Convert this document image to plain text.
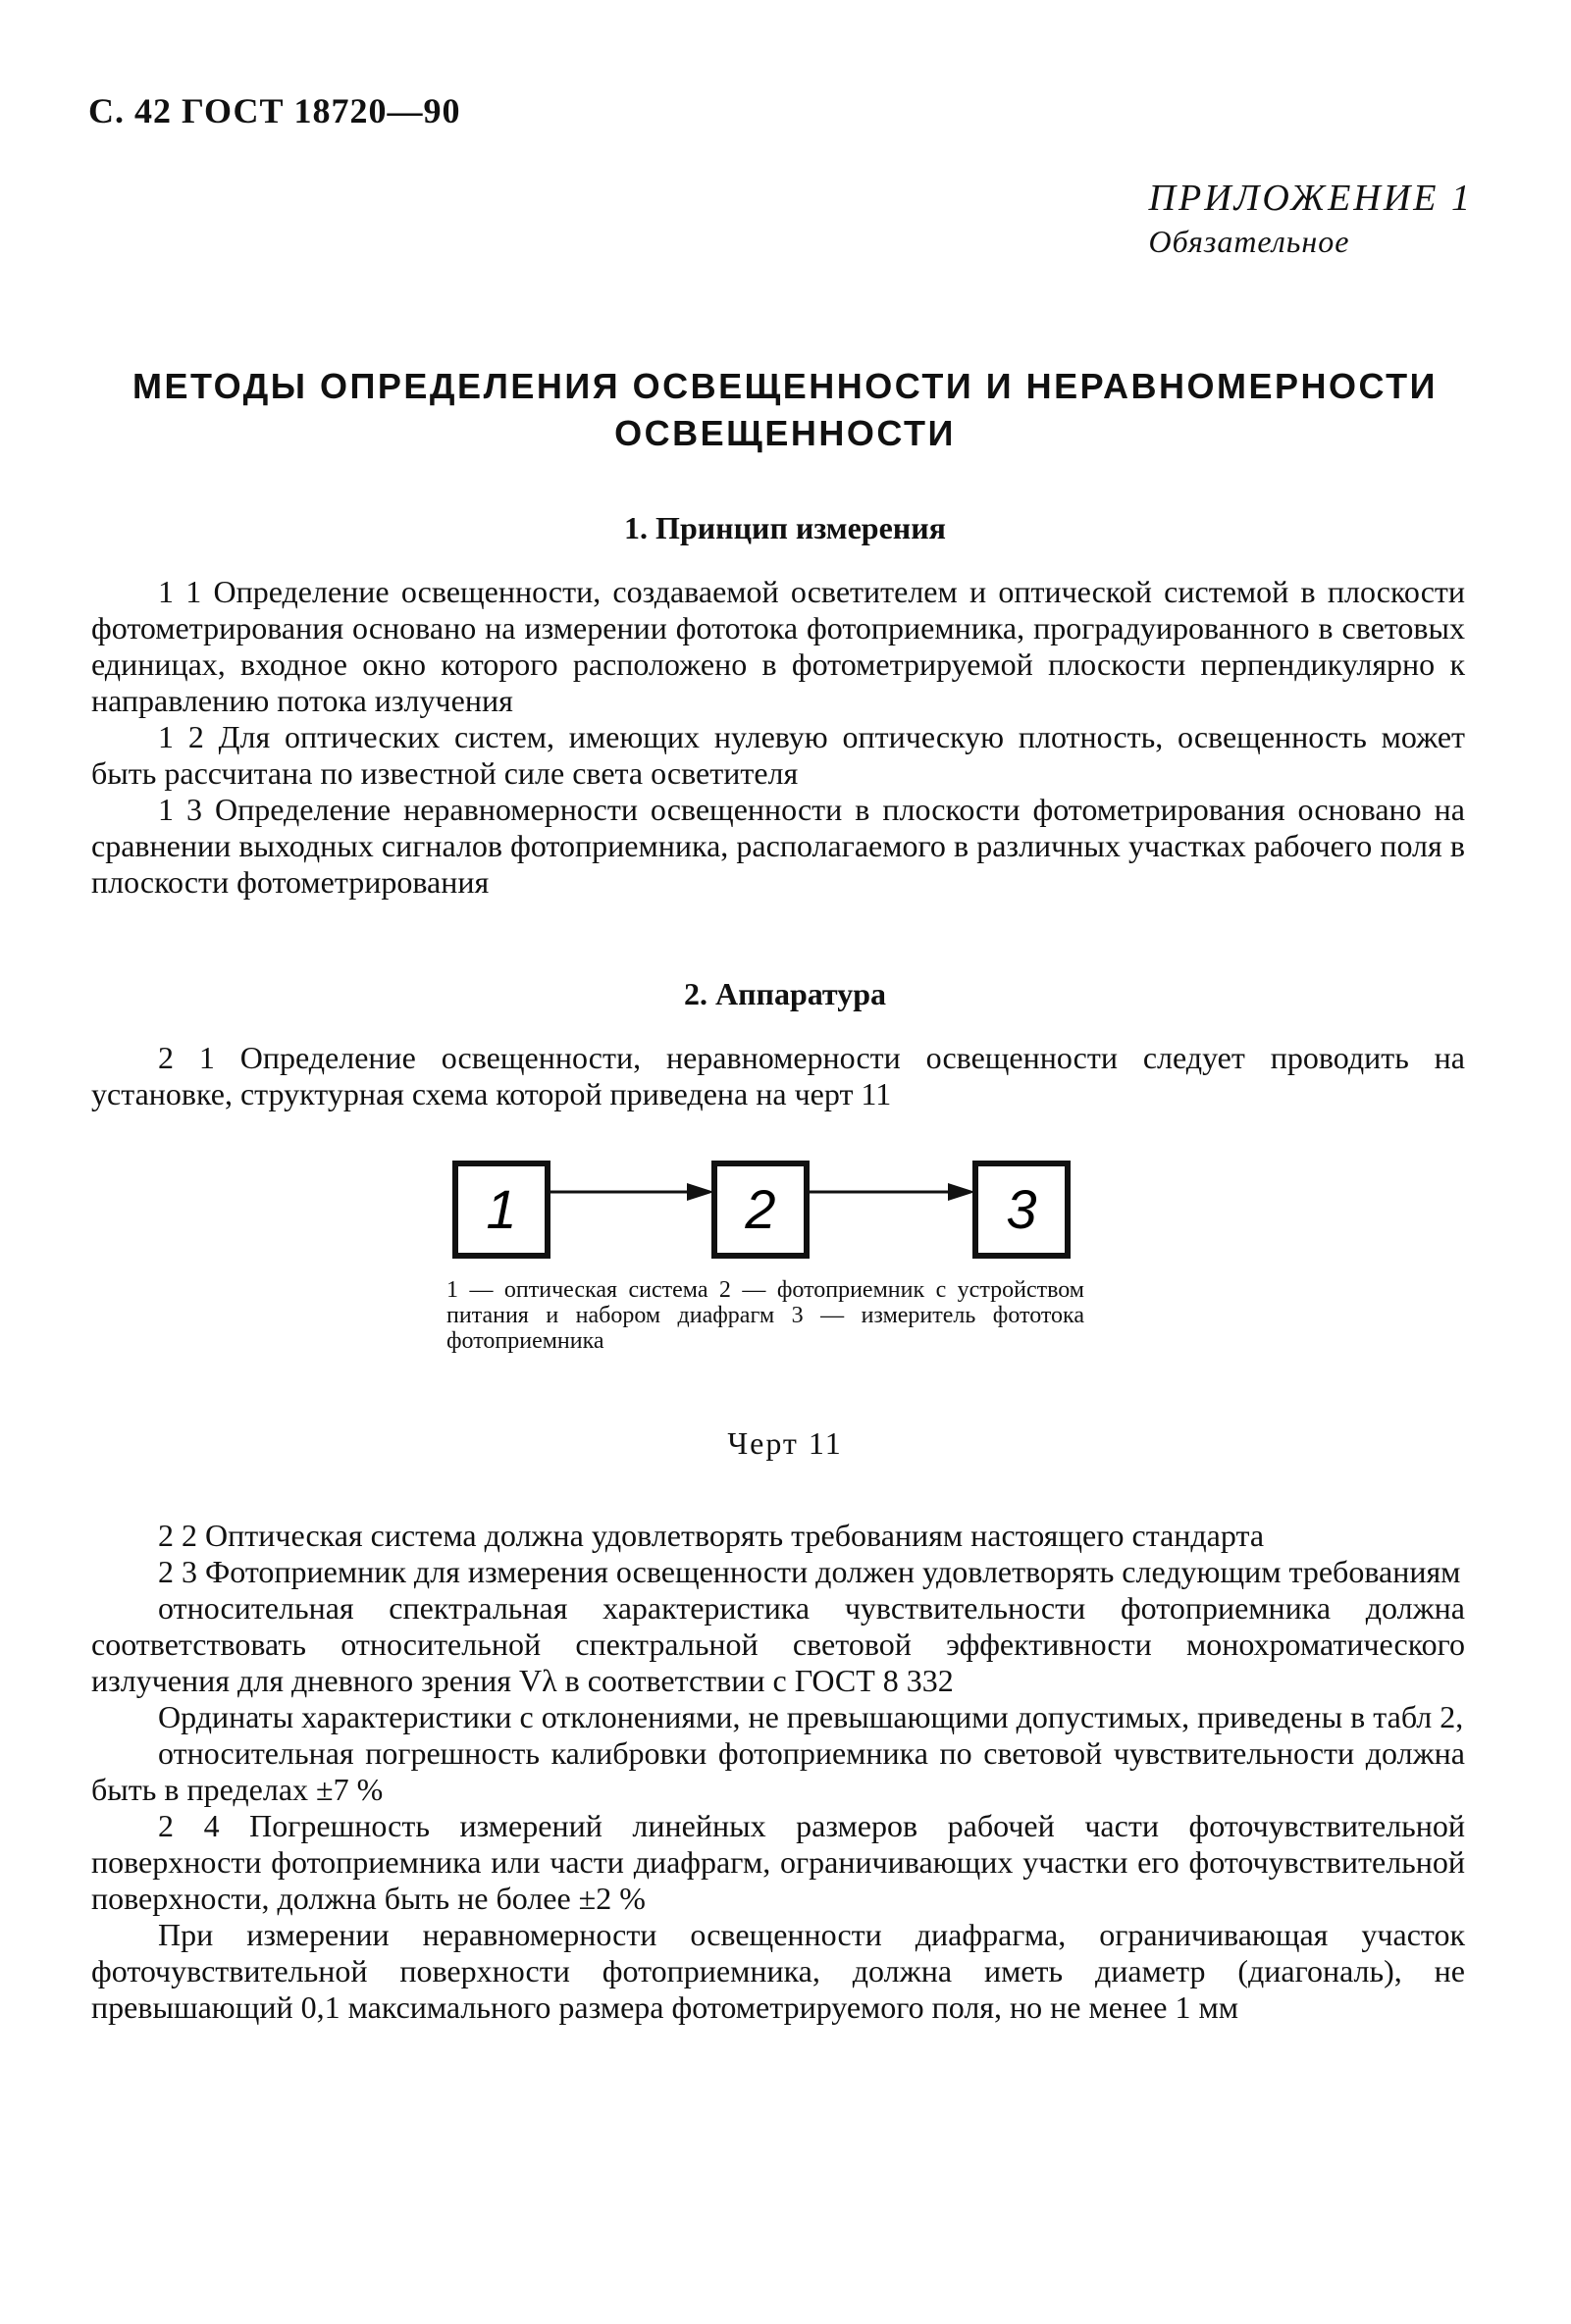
С. 42 ГОСТ 18720—90
ПРИЛОЖЕНИЕ 1
Обязательное
МЕТОДЫ ОПРЕДЕЛЕНИЯ ОСВЕЩЕННОСТИ И НЕРАВНОМЕРНОСТИ ОСВЕЩЕННОСТИ
1. Принцип измерения

1 1 Определение освещенности, создаваемой осветителем и оптической системой в плоскости фотометрирования основано на измерении фототока фотоприемника, проградуированного в световых единицах, входное окно которого расположено в фотометрируемой плоскости перпендикулярно к направлению потока излучения

1 2 Для оптических систем, имеющих нулевую оптическую плотность, освещенность может быть рассчитана по известной силе света осветителя

1 3 Определение неравномерности освещенности в плоскости фотометрирования основано на сравнении выходных сигналов фотоприемника, располагаемого в различных участках рабочего поля в плоскости фотометрирования

2. Аппаратура

2 1 Определение освещенности, неравномерности освещенности следует проводить на установке, структурная схема которой приведена на черт 11

1	2	3
1 — оптическая система 2 — фотоприемник с устройством питания и набором диафрагм 3 — измеритель фототока фотоприемника
Черт 11

2 2 Оптическая система должна удовлетворять требованиям настоящего стандарта

2 3 Фотоприемник для измерения освещенности должен удовлетворять следующим требованиям

относительная спектральная характеристика чувствительности фотоприемника должна соответствовать относительной спектральной световой эффективности монохроматического излучения для дневного зрения Vλ в соответствии с ГОСТ 8 332

Ординаты характеристики с отклонениями, не превышающими допустимых, приведены в табл 2,

относительная погрешность калибровки фотоприемника по световой чувствительности должна быть в пределах ±7 %

2 4 Погрешность измерений линейных размеров рабочей части фоточувствительной поверхности фотоприемника или части диафрагм, ограничивающих участки его фоточувствительной поверхности, должна быть не более ±2 %

При измерении неравномерности освещенности диафрагма, ограничивающая участок фоточувствительной поверхности фотоприемника, должна иметь диаметр (диагональ), не превышающий 0,1 максимального размера фотометрируемого поля, но не менее 1 мм
